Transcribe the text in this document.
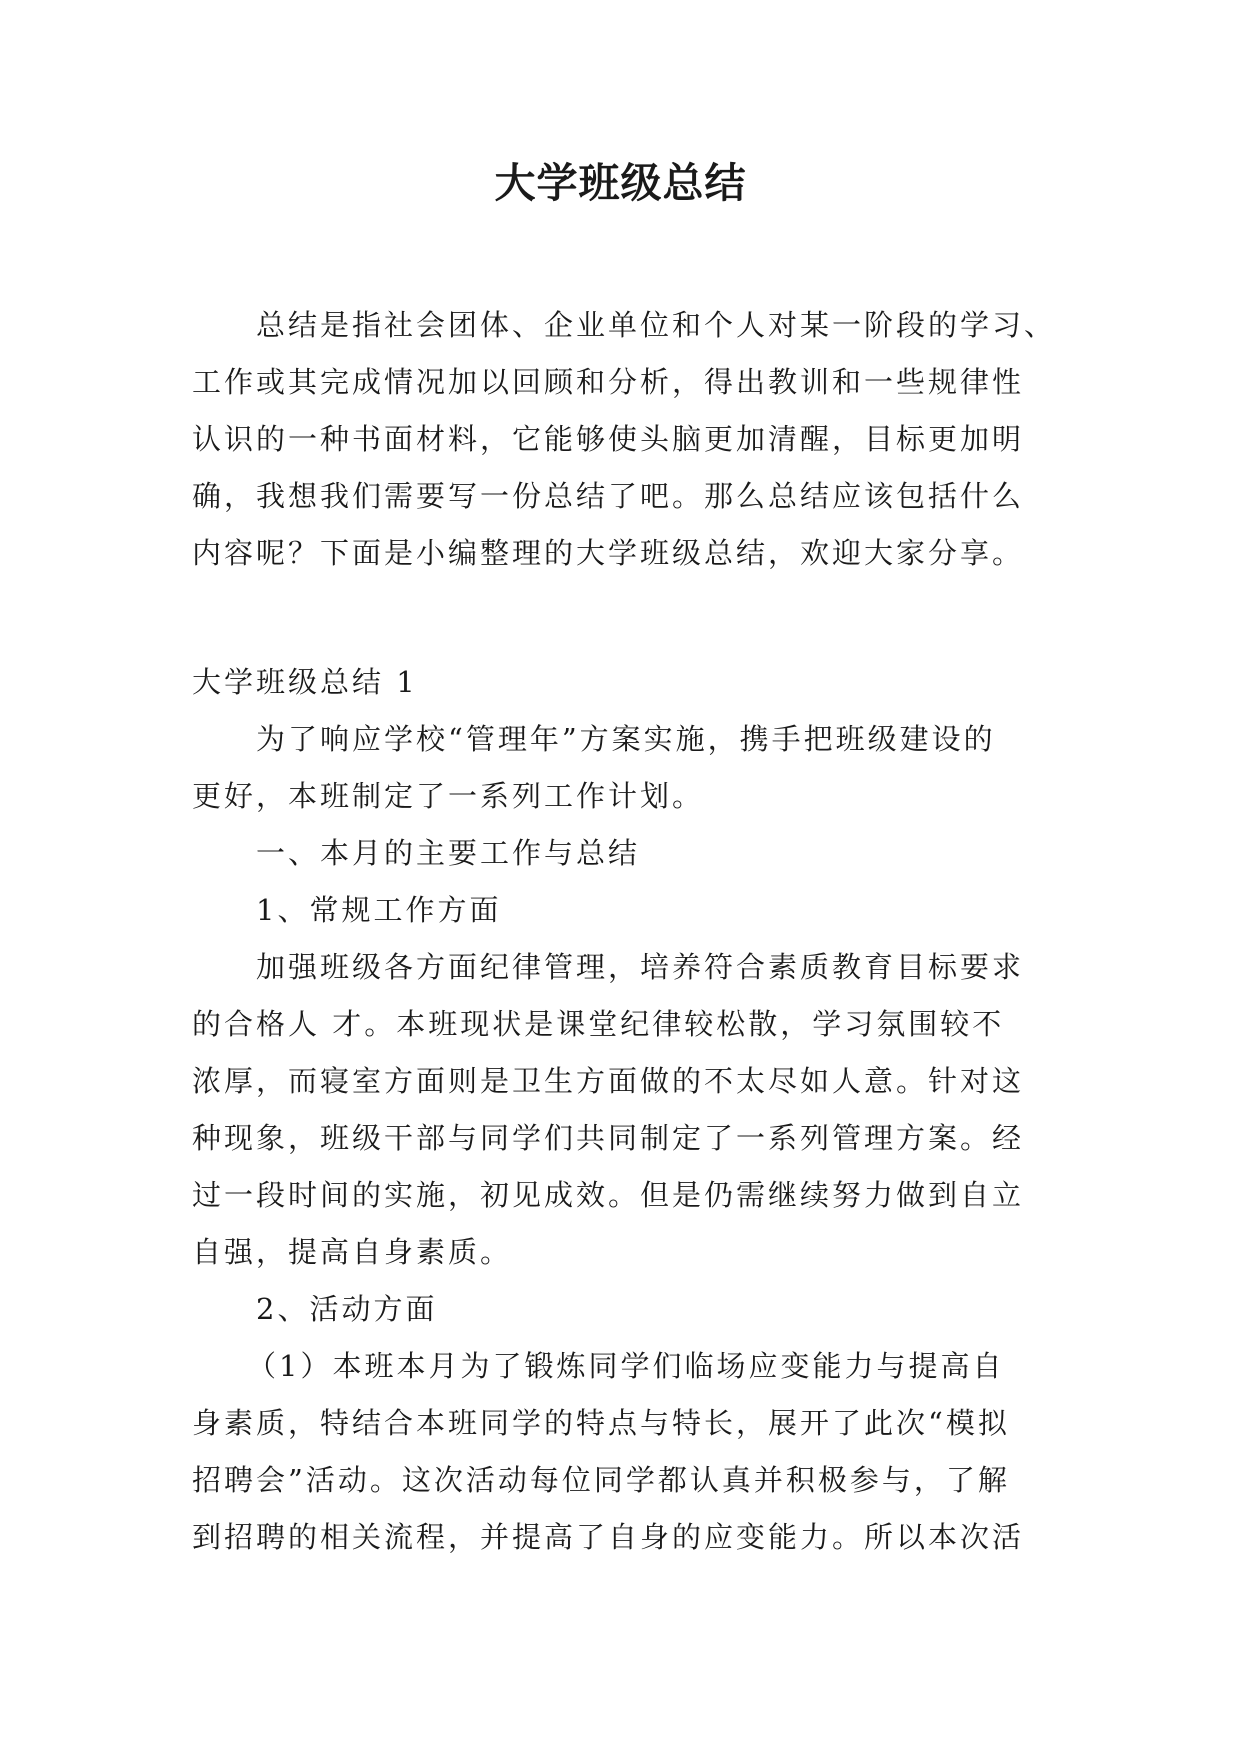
大学班级总结
总结是指社会团体、企业单位和个人对某一阶段的学习、
工作或其完成情况加以回顾和分析，得出教训和一些规律性
认识的一种书面材料，它能够使头脑更加清醒，目标更加明
确，我想我们需要写一份总结了吧。那么总结应该包括什么
内容呢？下面是小编整理的大学班级总结，欢迎大家分享。
大学班级总结 1
为了响应学校“管理年”方案实施，携手把班级建设的
更好，本班制定了一系列工作计划。
一、本月的主要工作与总结
1、常规工作方面
加强班级各方面纪律管理，培养符合素质教育目标要求
的合格人 才。本班现状是课堂纪律较松散，学习氛围较不
浓厚，而寝室方面则是卫生方面做的不太尽如人意。针对这
种现象，班级干部与同学们共同制定了一系列管理方案。经
过一段时间的实施，初见成效。但是仍需继续努力做到自立
自强，提高自身素质。
2、活动方面
（1）本班本月为了锻炼同学们临场应变能力与提高自
身素质，特结合本班同学的特点与特长，展开了此次“模拟
招聘会”活动。这次活动每位同学都认真并积极参与，了解
到招聘的相关流程，并提高了自身的应变能力。所以本次活
